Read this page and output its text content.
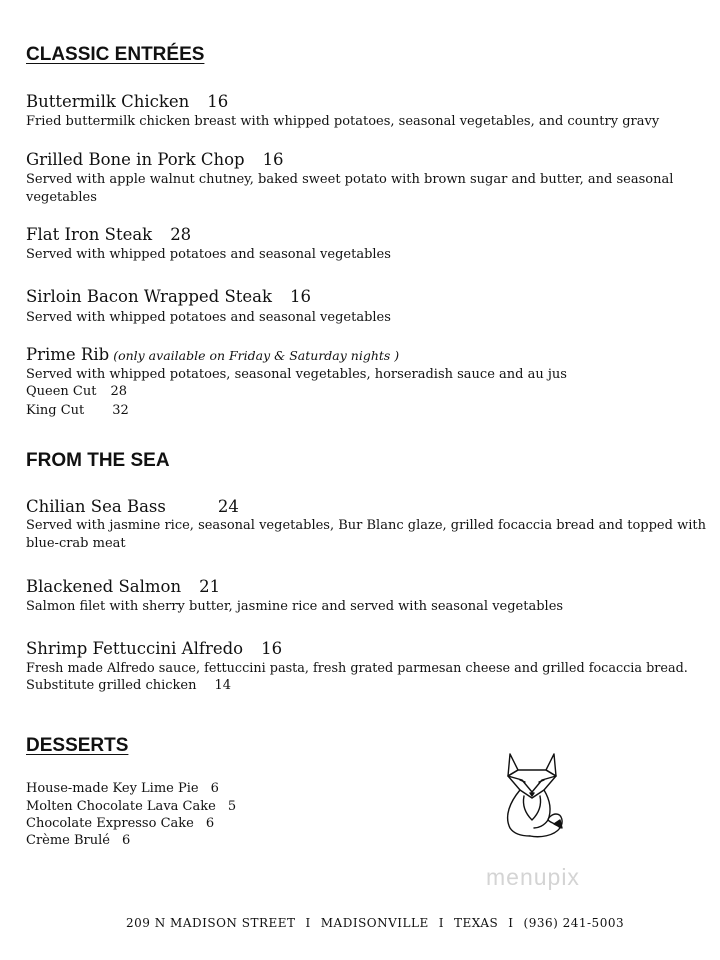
CLASSIC ENTRÉES
Buttermilk Chicken 16
Fried buttermilk chicken breast with whipped potatoes, seasonal vegetables, and country gravy
Grilled Bone in Pork Chop 16
Served with apple walnut chutney, baked sweet potato with brown sugar and butter, and seasonal vegetables
Flat Iron Steak 28
Served with whipped potatoes and seasonal vegetables
Sirloin Bacon Wrapped Steak 16
Served with whipped potatoes and seasonal vegetables
Prime Rib (only available on Friday & Saturday nights )
Served with whipped potatoes, seasonal vegetables, horseradish sauce and au jus
Queen Cut 28
King Cut 32
FROM THE SEA
Chilian Sea Bass	24
Served with jasmine rice, seasonal vegetables, Bur Blanc glaze, grilled focaccia bread and topped with blue-crab meat
Blackened Salmon 21
Salmon filet with sherry butter, jasmine rice and served with seasonal vegetables
Shrimp Fettuccini Alfredo 16
Fresh made Alfredo sauce, fettuccini pasta, fresh grated parmesan cheese and grilled focaccia bread.
Substitute grilled chicken 14
DESSERTS
House-made Key Lime Pie 6
Molten Chocolate Lava Cake 5
Chocolate Expresso Cake 6
Crème Brulé 6
menupix
209 N MADISON STREET I MADISONVILLE I TEXAS I (936) 241-5003
